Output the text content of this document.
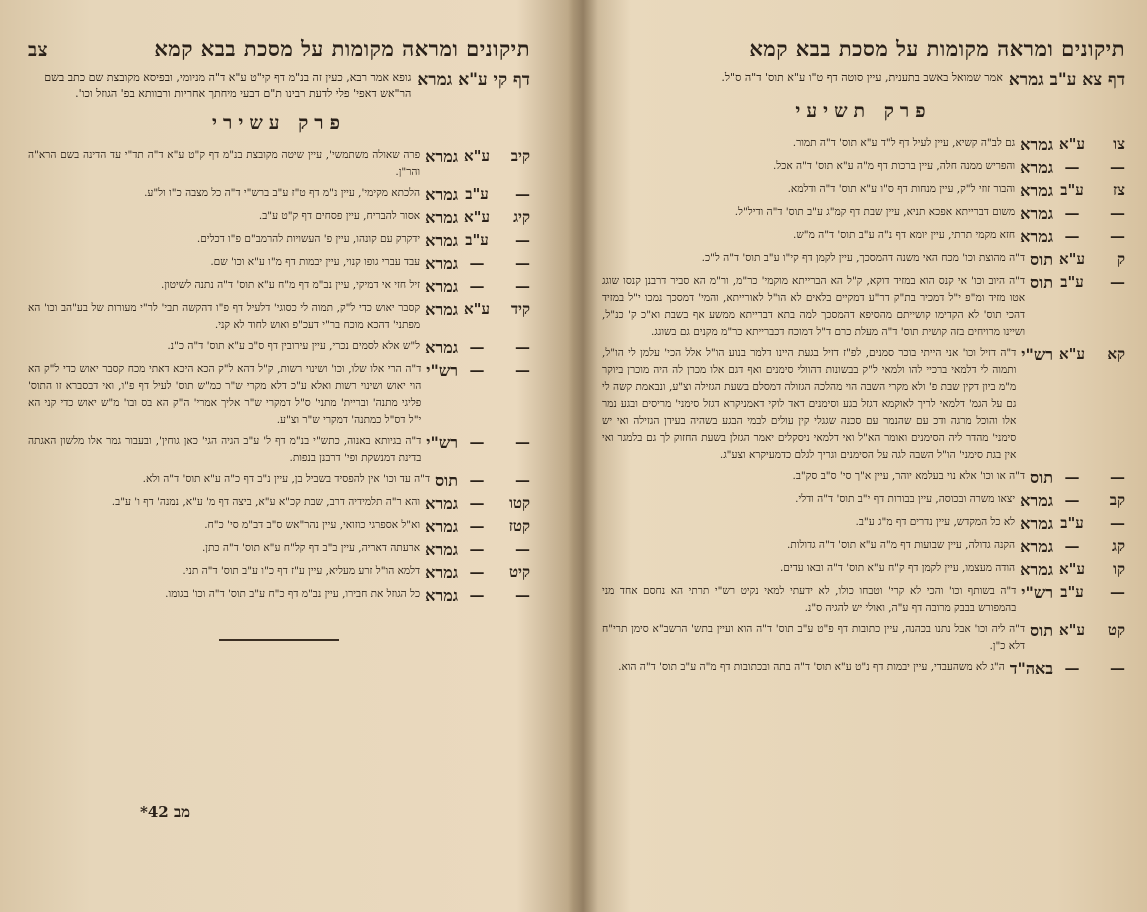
תיקונים ומראה מקומות על מסכת בבא קמא
צב
דף קי ע"א גמרא
גופא אמר רבא, כעין זה בנ"מ דף קי"ט ע"א ד"ה מניומי, ובפיסא מקובצת שם כתב בשם הר"אש דאפי' פלי לדעת רבינו ת"ם דבעי מיחתך אחריות ורבוותא בפ' הגוזל וכו'.
פרק עשירי
קיב
ע"א
גמרא
פרה שאולה משתמשי', עיין שיטה מקובצת בנ"מ דף ק"ט ע"א ד"ה תד"י עד הדינה בשם הרא"ה והר"ן.
—
ע"ב
גמרא
הלכתא מקימי', עיין נ"מ דף ט"ז ע"ב ברש"י ד"ה כל מצבה כ"ו ול"ע.
קיג
ע"א
גמרא
אסור להבריח, עיין פסחים דף ק"ט ע"ב.
—
ע"ב
גמרא
ידקרק עם קונהו, עיין פ' העשויות להרמב"ם פ"ו דכלים.
—
—
גמרא
עבד עברי גופו קנוי, עיין יבמות דף מ"ו ע"א וכו' שם.
—
—
גמרא
זיל חזי אי דמיקי, עיין נב"מ דף מ"ח ע"א תוס' ד"ה נתנה לשיטון.
קיד
ע"א
גמרא
קסבר יאוש כדי ל"ק, תמוה לי כסוגי' דלעיל דף פ"ו דהקשה תבי' לר"י מעורות של בע"הב וכו' הא מפתני' דהכא מוכח בר"י דעכ"פ ואוש לחוד לא קני.
—
—
גמרא
ל"ש אלא לסמים נכרי, עיין עירובין דף ס"ב ע"א תוס' ד"ה כ"נ.
—
—
רש"י
ד"ה הרי אלו שלו, וכו' ושינוי רשות, ק"ל דהא ל"ק הכא היכא דאתי מכח קסבר יאוש כדי ל"ק הא הוי יאוש ושינוי רשות ואלא ע"כ דלא מקרי ש"ר כמ"ש תוס' לעיל דף פ"ו, ואי דבסברא זו התוס' פליגי מתנה' ובריית' מתני' ס"ל דמקרי ש"ר אליך אמרי' ה"ק הא בס ובו' מ"ש יאוש כדי קני הא י"ל דס"ל כמתנה' דמקרי ש"ר וצ"ע.
—
—
רש"י
ד"ה בגיותא באנוה, כתש"י בנ"מ דף ל' ע"ב הגיה הגי' כאן גוחין', ובעבור גמר אלו מלשון האגתה בדינת דמנשקת ופי' דרבנן בנפות.
—
—
תוס
ד"ה עד וכו' אין להפסיד בשביל בן, עיין נ"ב דף כ"ה ע"א תוס' ד"ה ולא.
קטו
—
גמרא
והא ר"ה תלמידיה דרב, שבת קכ"א ע"א, ביצה דף מ' ע"א, נמנה' דף ו' ע"ב.
קטז
—
גמרא
וא"ל אספרגי כוזואי, עיין נהר"אש ס"ב דב"מ סי' כ"ח.
—
—
גמרא
ארעתה דאריה, עיין ב"ב דף קל"ח ע"א תוס' ד"ה כתן.
קיט
—
גמרא
דלמא הו"ל זרע מעליא, עיין ע"ז דף כ"ו ע"ב תוס' ד"ה תני.
—
—
גמרא
כל הגוזל את חבירו, עיין נב"מ דף כ"ח ע"ב תוס' ד"ה וכו' בגומו.
מב 42*
תיקונים ומראה מקומות על מסכת בבא קמא
דף צא ע"ב גמרא
אמר שמואל באשב בתענית, עיין סוטה דף ט"ו ע"א תוס' ד"ה ס"ל.
פרק תשיעי
צו
ע"א
גמרא
גם לב"ה קשיא, עיין לעיל דף ל"ד ע"א תוס' ד"ה תמור.
—
—
גמרא
והפריש ממנה חלה, עיין ברכות דף מ"ה ע"א תוס' ד"ה אכל.
צז
ע"ב
גמרא
והבור זוזי ל"ק, עיין מנחות דף ס"ו ע"א תוס' ד"ה ודלמא.
—
—
גמרא
משום דברייתא אפכא תניא, עיין שבת דף קמ"ג ע"ב תוס' ד"ה ודיל"ל.
—
—
גמרא
חזא מקמי תרתי, עיין יומא דף נ"ה ע"ב תוס' ד"ה מ"ש.
ק
ע"א
תוס
ד"ה מהוצת וכו' מכח האי משנה דהמסכך, עיין לקמן דף קי"ו ע"ב תוס' ד"ה ל"כ.
—
ע"ב
תוס
ד"ה היוב וכו' אי קנס הוא במזיד דוקא, ק"ל הא הברייתא מוקמי' כר"מ, ור"מ הא סביר דרבנן קנסו שוגג אטו מזיד ומ"פ י"ל דמכיר בת"ק דר"ע דמקיים בלאים לא הו"ל לאורייתא, והמי' דמסכך נמכו י"ל במזיד דהכי תוס' לא הקדימו קושייתם מהסיפא דהמסכך למה בתא דברייתא ממשע אף בשבת וא"כ ק' כנ"ל, ושיינו מרויחים בזה קושית תוס' ד"ה מעלת כרם ד"ל דמוכח דכברייתא כר"מ מקנים גם בשוגג.
קא
ע"א
רש"י
ד"ה דזיל וכו' אני הייתי בוכר סמנים, לפ"ז דזיל בגעת היינו דלמר בנוע הו"ל אלל הכי' עלמן לי הו"ל, ותמוה לי דלמאי ברכיי להו ולמאי ל"ק בבשונות דהוולי סימנים ואף דגם אלו מכרן לה היה מוכרן ביוקר מ"מ ביון דקין שבת פ' ולא מקרי השבה הוי מהלכה הגזולה דמסלם בשעת הגזילה וצ"ע, ונבאמת קשה לי גם על הגמ' דלמאי לריך לאוקמא דגזל בגע וסימנים דאד לוקי דאמניקרא דגזל סימני' מריסים ובגע נמר אלו והוכל מרגה ודכ עם שהנמר עם סכנה שגגלי קין עולים לבמי הבגע בשהיה בעידן הגזילה ואי יש סימני' מהדר ליה הסימנים ואומר הא"ל ואי דלמאי ניסקלים יאמר הגזלן בשעת החזוק לך גם בלמגר ואי אין בגת סימני' הו"ל השבה לגה על הסימנים וגריך לגלם כדמעיקרא וצע"ג.
—
—
תוס
ד"ה או וכו' אלא נוי בעלמא יוהר, עיין א"ך סי' ס"ב סק"ב.
קב
—
גמרא
יצאו משרה ובכוסה, עיין בבורות דף י"ב תוס' ד"ה ודלי.
—
ע"ב
גמרא
לא כל המקדש, עיין נדרים דף מ"ג ע"ב.
קג
—
גמרא
הקנה גדולה, עיין שבועות דף מ"ה ע"א תוס' ד"ה גדולות.
קו
ע"א
גמרא
הודה מעצמו, עיין לקמן דף ק"ח ע"א תוס' ד"ה ובאו עדים.
—
ע"ב
רש"י
ד"ה בשותף וכו' והכי לא קרי' וטבחו כולו, לא ידעתי למאי נקיט רש"י תרתי הא נחסם אחד מני בהמפורש בבבק מרובה דף ע"ה, ואולי יש להגיה ס"נ.
קט
ע"א
תוס
ד"ה ליה וכו' אבל נתנו בכהנה, עיין כתובות דף פ"ט ע"ב תוס' ד"ה הוא ועיין בתש' הרשב"א סימן תרי"ח דלא כ"ן.
—
—
באה"ד
ה"ג לא משהעבדי, עיין יבמות דף נ"ט ע"א תוס' ד"ה בתה ובכתובות דף מ"ה ע"ב תוס' ד"ה הוא.
